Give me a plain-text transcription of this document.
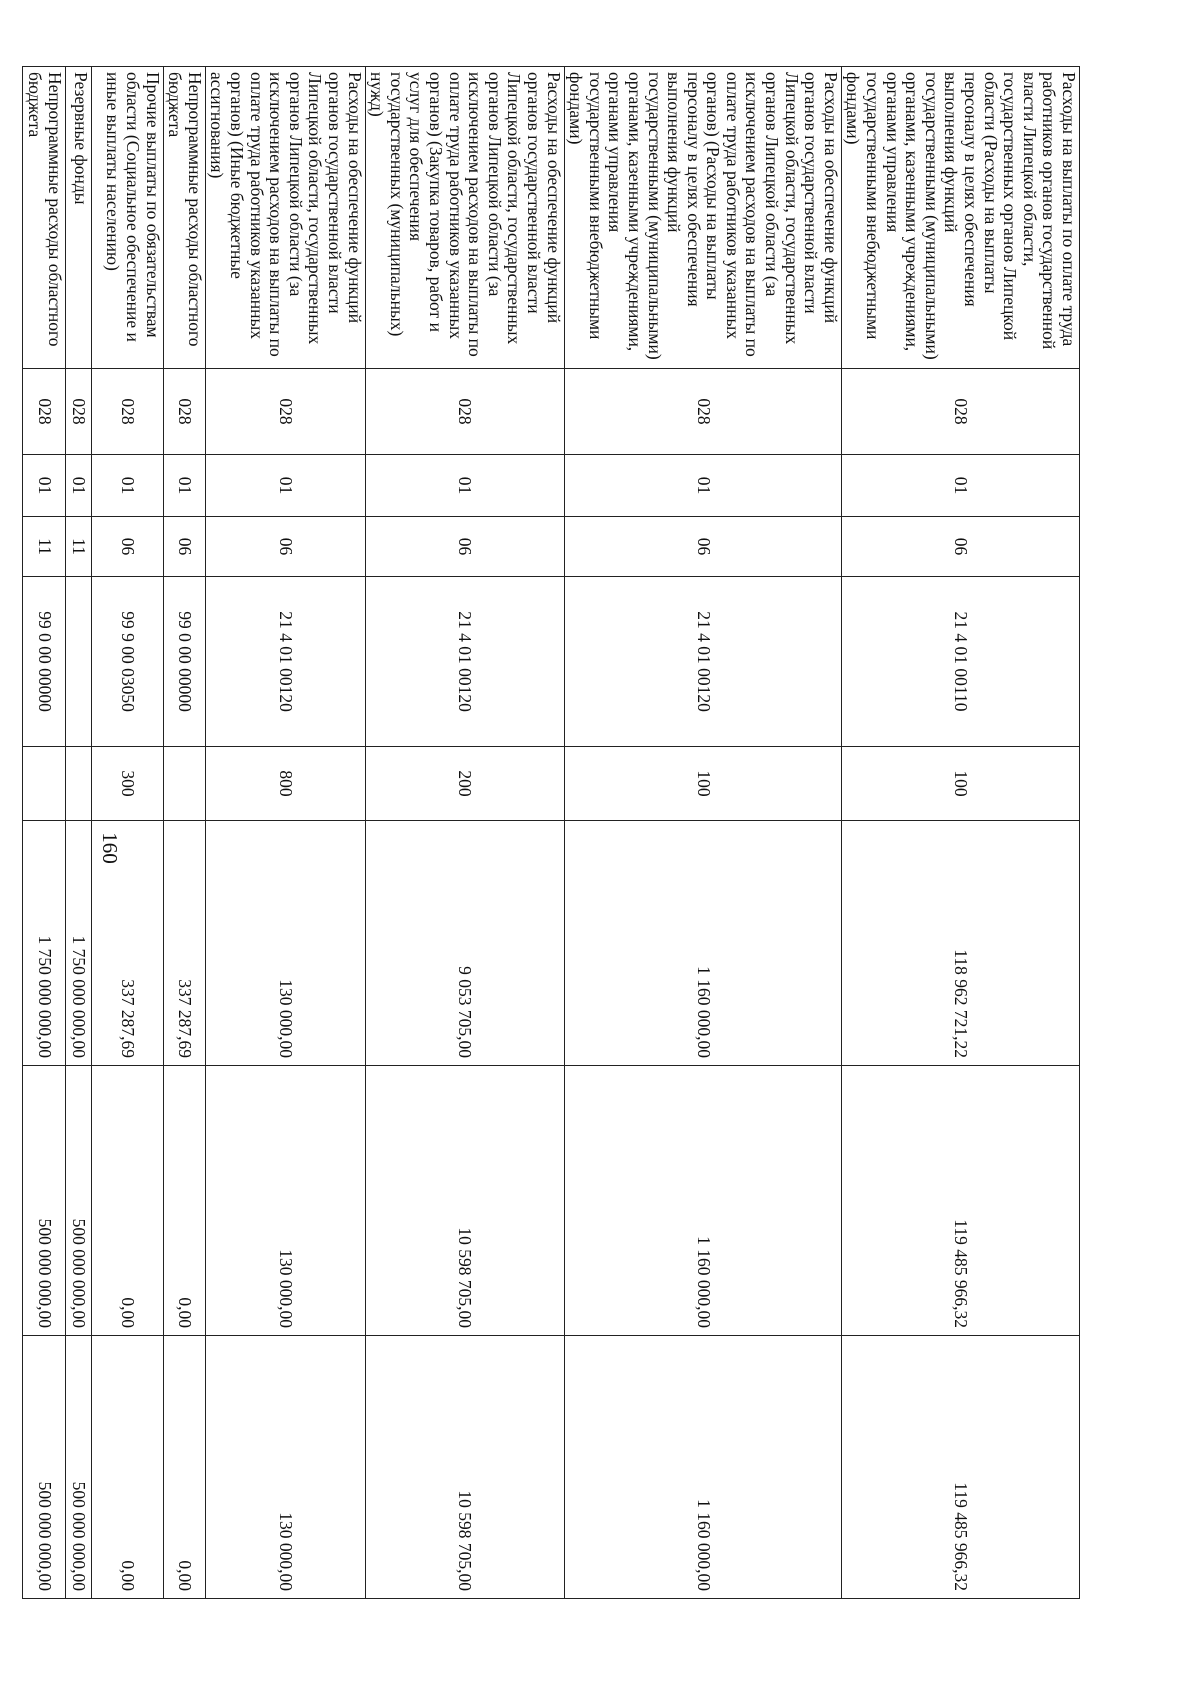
160
Расходы на выплаты по оплате труда работников органов государственной власти Липецкой области, государственных органов Липецкой области (Расходы на выплаты персоналу в целях обеспечения выполнения функций государственными (муниципальными) органами, казенными учреждениями, органами управления государственными внебюджетными фондами)	028	01	06	21 4 01 00110	100	118 962 721,22	119 485 966,32	119 485 966,32
Расходы на обеспечение функций органов государственной власти Липецкой области, государственных органов Липецкой области (за исключением расходов на выплаты по оплате труда работников указанных органов) (Расходы на выплаты персоналу в целях обеспечения выполнения функций государственными (муниципальными) органами, казенными учреждениями, органами управления государственными внебюджетными фондами)	028	01	06	21 4 01 00120	100	1 160 000,00	1 160 000,00	1 160 000,00
Расходы на обеспечение функций органов государственной власти Липецкой области, государственных органов Липецкой области (за исключением расходов на выплаты по оплате труда работников указанных органов) (Закупка товаров, работ и услуг для обеспечения государственных (муниципальных) нужд)	028	01	06	21 4 01 00120	200	9 053 705,00	10 598 705,00	10 598 705,00
Расходы на обеспечение функций органов государственной власти Липецкой области, государственных органов Липецкой области (за исключением расходов на выплаты по оплате труда работников указанных органов) (Иные бюджетные ассигнования)	028	01	06	21 4 01 00120	800	130 000,00	130 000,00	130 000,00
Непрограммные расходы областного бюджета	028	01	06	99 0 00 00000		337 287,69	0,00	0,00
Прочие выплаты по обязательствам области (Социальное обеспечение и иные выплаты населению)	028	01	06	99 9 00 03050	300	337 287,69	0,00	0,00
Резервные фонды	028	01	11			1 750 000 000,00	500 000 000,00	500 000 000,00
Непрограммные расходы областного бюджета	028	01	11	99 0 00 00000		1 750 000 000,00	500 000 000,00	500 000 000,00
